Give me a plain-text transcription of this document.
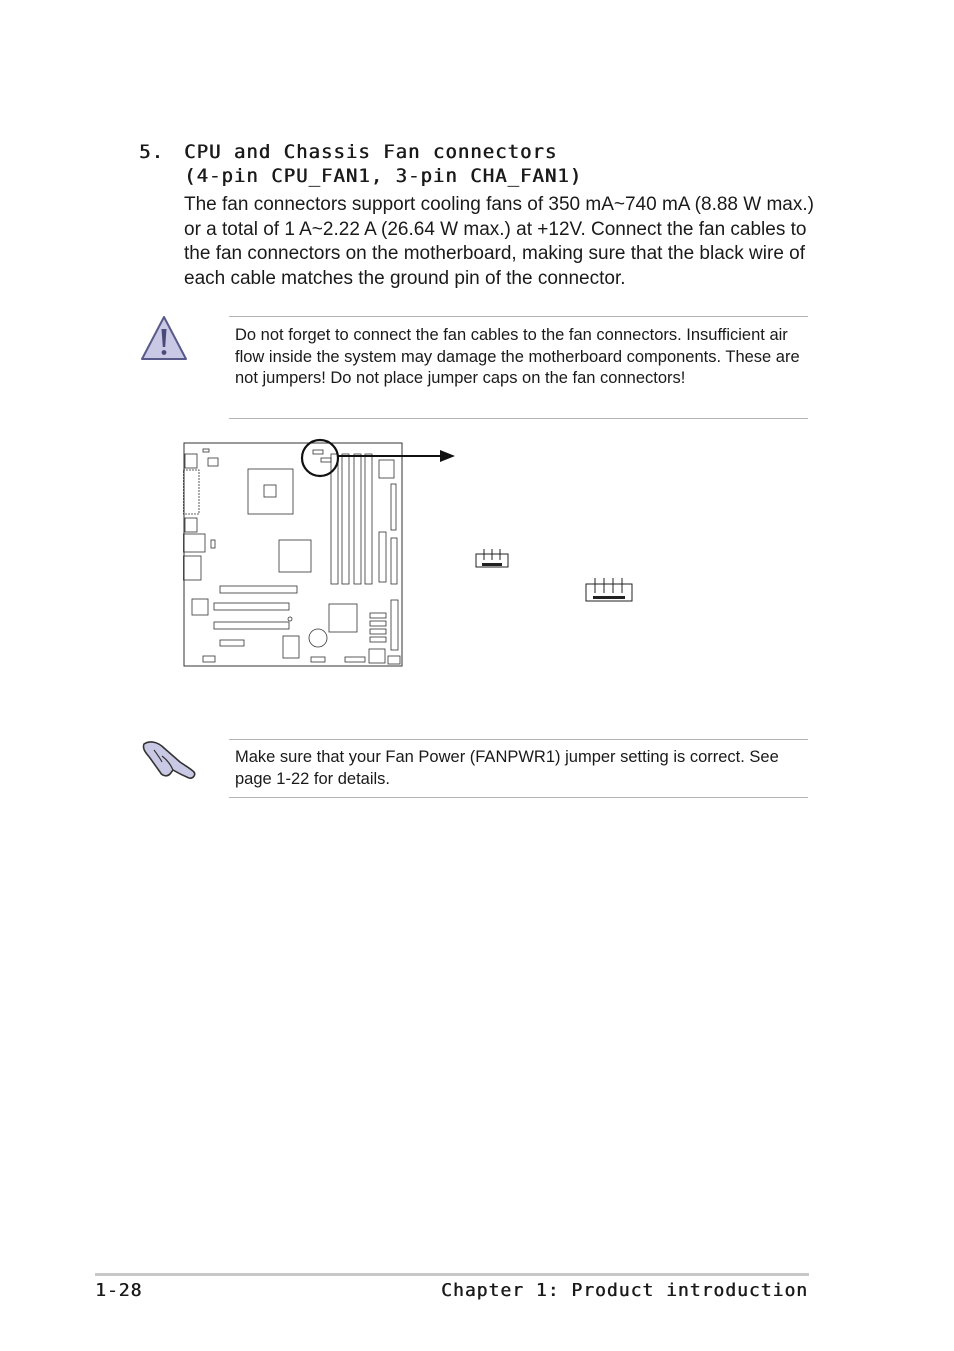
5. CPU and Chassis Fan connectors
(4-pin CPU_FAN1, 3-pin CHA_FAN1)

The fan connectors support cooling fans of 350 mA~740 mA (8.88 W max.) or a total of 1 A~2.22 A (26.64 W max.) at +12V. Connect the fan cables to the fan connectors on the motherboard, making sure that the black wire of each cable matches the ground pin of the connector.

Do not forget to connect the fan cables to the fan connectors. Insufficient air flow inside the system may damage the motherboard components. These are not jumpers! Do not place jumper caps on the fan connectors!

Make sure that your Fan Power (FANPWR1) jumper setting is correct. See page 1-22 for details.

1-28	Chapter 1: Product introduction
